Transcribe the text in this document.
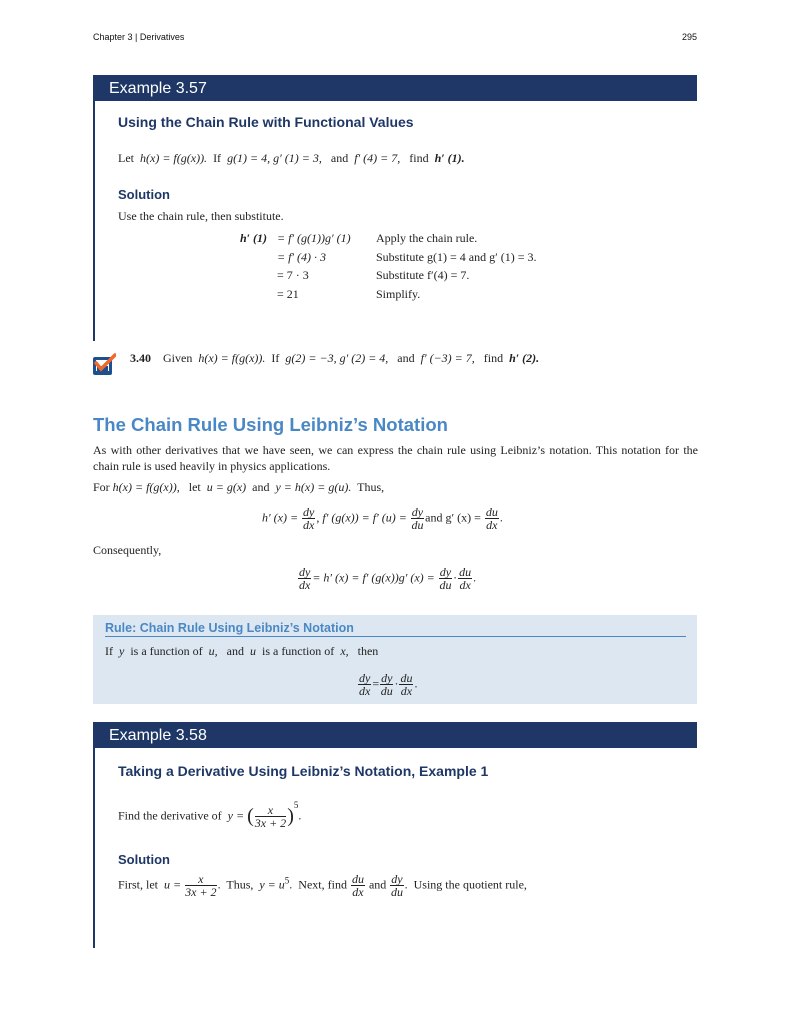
Chapter 3 | Derivatives	295
Example 3.57
Using the Chain Rule with Functional Values
Let h(x) = f(g(x)). If g(1) = 4, g′ (1) = 3, and f′ (4) = 7, find h′ (1).
Solution
Use the chain rule, then substitute.
h′ (1) = f′ (g(1))g′ (1) Apply the chain rule.
= f′ (4) · 3	Substitute g(1) = 4 and g′ (1) = 3.
= 7 · 3	Substitute f′(4) = 7.
= 21	Simplify.
3.40 Given h(x) = f(g(x)). If g(2) = −3, g′ (2) = 4, and f′ (−3) = 7, find h′ (2).
The Chain Rule Using Leibniz’s Notation

As with other derivatives that we have seen, we can express the chain rule using Leibniz’s notation. This notation for the chain rule is used heavily in physics applications.

For h(x) = f(g(x)), let u = g(x) and y = h(x) = g(u). Thus,
h′ $(x) = \frac{dy}{dx}$ , f′ (g(x)) = f′ $(u) = \frac{dy}{du}$ and g′ $(x) = \frac{du}{dx}$ .
Consequently,
$\frac{dy}{dx} = h'$ (x) = f′ (g(x))g′ $(x) = \frac{dy}{du} \cdot \frac{du}{dx}$ .
Rule: Chain Rule Using Leibniz’s Notation
If y is a function of u, and u is a function of x, then
$\frac{dy}{dx} = \frac{dy}{du} \cdot \frac{du}{dx}$ .
Example 3.58
Taking a Derivative Using Leibniz’s Notation, Example 1
Find the derivative of y = ( $\frac{x}{3x + 2} )^5$.
Solution
First, let $u = \frac{x}{3x + 2}$ .  Thus, $y = u^5$.  Next, find $\frac{du}{dx}$ and $\frac{dy}{du}$ .  Using the quotient rule,
